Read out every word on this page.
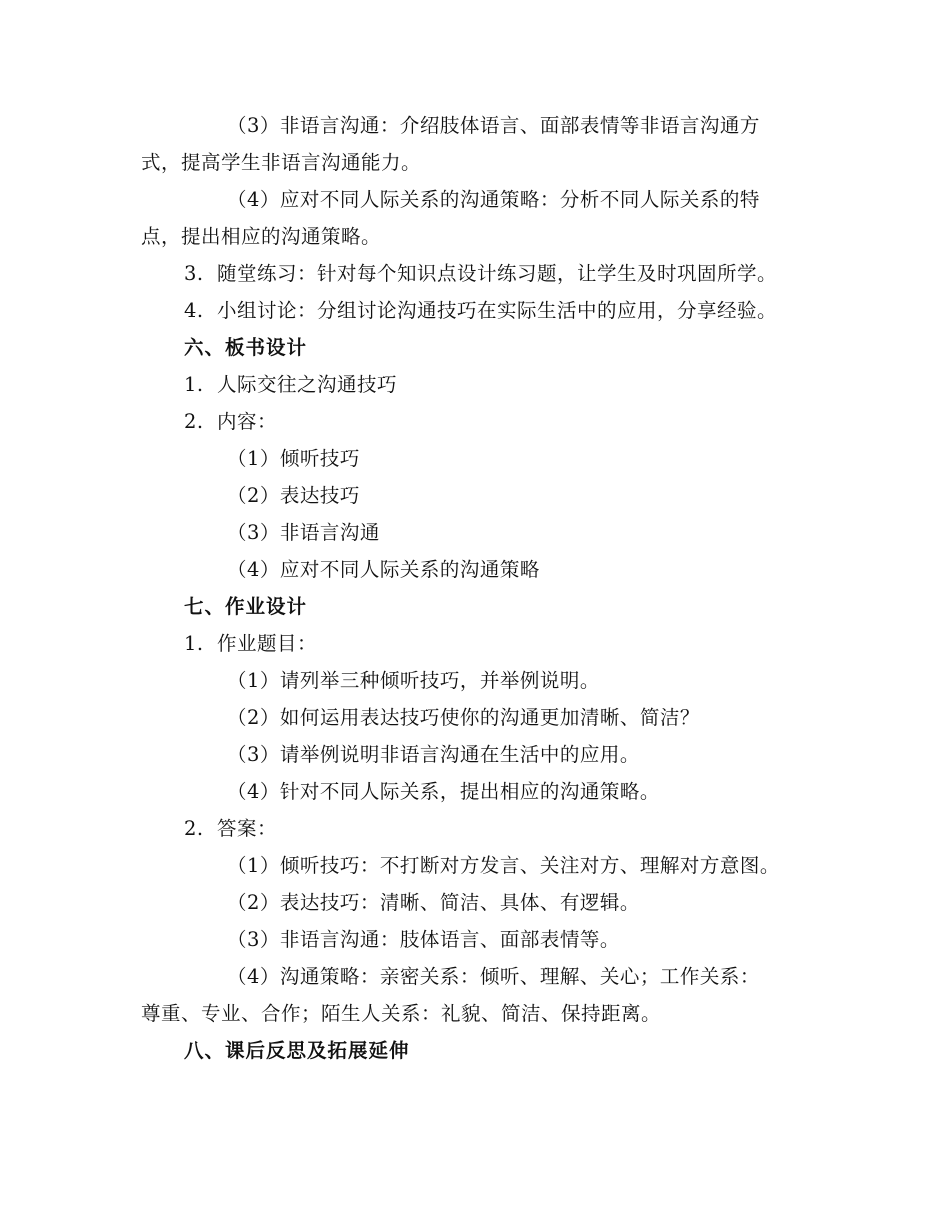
（3）非语言沟通：介绍肢体语言、面部表情等非语言沟通方
式，提高学生非语言沟通能力。
（4）应对不同人际关系的沟通策略：分析不同人际关系的特
点，提出相应的沟通策略。
3. 随堂练习：针对每个知识点设计练习题，让学生及时巩固所学。
4. 小组讨论：分组讨论沟通技巧在实际生活中的应用，分享经验。
六、板书设计
1. 人际交往之沟通技巧
2. 内容：
（1）倾听技巧
（2）表达技巧
（3）非语言沟通
（4）应对不同人际关系的沟通策略
七、作业设计
1. 作业题目：
（1）请列举三种倾听技巧，并举例说明。
（2）如何运用表达技巧使你的沟通更加清晰、简洁？
（3）请举例说明非语言沟通在生活中的应用。
（4）针对不同人际关系，提出相应的沟通策略。
2. 答案：
（1）倾听技巧：不打断对方发言、关注对方、理解对方意图。
（2）表达技巧：清晰、简洁、具体、有逻辑。
（3）非语言沟通：肢体语言、面部表情等。
（4）沟通策略：亲密关系：倾听、理解、关心；工作关系：
尊重、专业、合作；陌生人关系：礼貌、简洁、保持距离。
八、课后反思及拓展延伸
